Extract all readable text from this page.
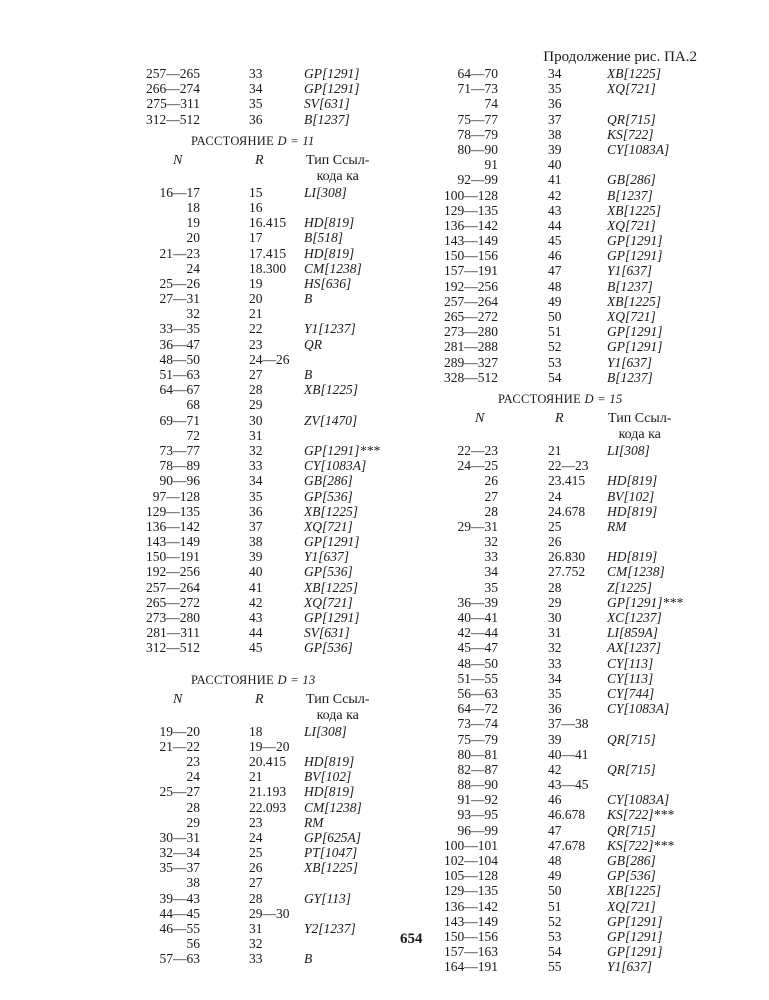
Продолжение рис. ПА.2
257—265	33	GP[1291]
266—274	34	GP[1291]
275—311	35	SV[631]
312—512	36	B[1237]
РАССТОЯНИЕ D = 11
N	R	Тип Ссыл-
кода ка
16—17	15	LI[308]
18	16
19	16.415 HD[819]
20	17	B[518]
21—23	17.415 HD[819]
24	18.300 CM[1238]
25—26	19	HS[636]
27—31	20	B
32	21
33—35	22	Y1[1237]
36—47	23	QR
48—50	24—26
51—63	27	B
64—67	28	XB[1225]
68	29
69—71	30	ZV[1470]
72	31
73—77	32	GP[1291]***
78—89	33	CY[1083A]
90—96	34	GB[286]
97—128	35	GP[536]
129—135	36	XB[1225]
136—142	37	XQ[721]
143—149	38	GP[1291]
150—191	39	Y1[637]
192—256	40	GP[536]
257—264	41	XB[1225]
265—272	42	XQ[721]
273—280	43	GP[1291]
281—311	44	SV[631]
312—512	45	GP[536]
РАССТОЯНИЕ D = 13
N	R	Тип Ссыл-
кода ка
19—20	18	LI[308]
21—22	19—20
23	20.415 HD[819]
24	21	BV[102]
25—27	21.193 HD[819]
28	22.093 CM[1238]
29	23	RM
30—31	24	GP[625A]
32—34	25	PT[1047]
35—37	26	XB[1225]
38	27
39—43	28	GY[113]
44—45	29—30
46—55	31	Y2[1237]
56	32
57—63	33	B
64—70	34	XB[1225]
71—73	35	XQ[721]
74	36
75—77	37	QR[715]
78—79	38	KS[722]
80—90	39	CY[1083A]
91	40
92—99	41	GB[286]
100—128	42	B[1237]
129—135	43	XB[1225]
136—142	44	XQ[721]
143—149	45	GP[1291]
150—156	46	GP[1291]
157—191	47	Y1[637]
192—256	48	B[1237]
257—264	49	XB[1225]
265—272	50	XQ[721]
273—280	51	GP[1291]
281—288	52	GP[1291]
289—327	53	Y1[637]
328—512	54	B[1237]
РАССТОЯНИЕ D = 15
N	R	Тип Ссыл-
кода ка
22—23	21	LI[308]
24—25	22—23
26	23.415 HD[819]
27	24	BV[102]
28	24.678 HD[819]
29—31	25	RM
32	26
33	26.830 HD[819]
34	27.752 CM[1238]
35	28	Z[1225]
36—39	29	GP[1291]***
40—41	30	XC[1237]
42—44	31	LI[859A]
45—47	32	AX[1237]
48—50	33	CY[113]
51—55	34	CY[113]
56—63	35	CY[744]
64—72	36	CY[1083A]
73—74	37—38
75—79	39	QR[715]
80—81	40—41
82—87	42	QR[715]
88—90	43—45
91—92	46	CY[1083A]
93—95	46.678 KS[722]***
96—99	47	QR[715]
100—101	47.678 KS[722]***
102—104	48	GB[286]
105—128	49	GP[536]
129—135	50	XB[1225]
136—142	51	XQ[721]
143—149	52	GP[1291]
150—156	53	GP[1291]
157—163	54	GP[1291]
164—191	55	Y1[637]
654
